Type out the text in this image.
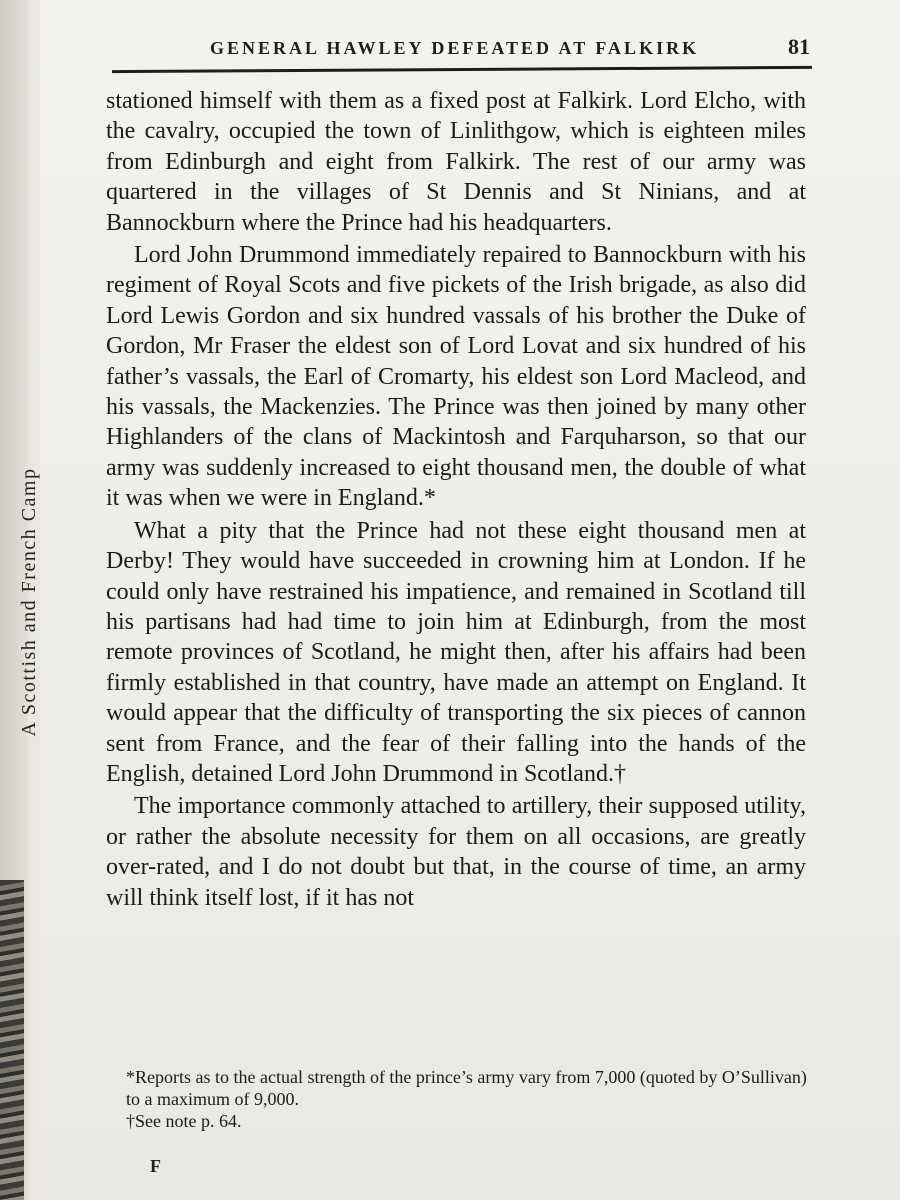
A Scottish and French Camp
GENERAL HAWLEY DEFEATED AT FALKIRK	81

stationed himself with them as a fixed post at Falkirk. Lord Elcho, with the cavalry, occupied the town of Linlithgow, which is eighteen miles from Edinburgh and eight from Falkirk. The rest of our army was quartered in the villages of St Dennis and St Ninians, and at Bannockburn where the Prince had his headquarters.

Lord John Drummond immediately repaired to Bannockburn with his regiment of Royal Scots and five pickets of the Irish brigade, as also did Lord Lewis Gordon and six hundred vassals of his brother the Duke of Gordon, Mr Fraser the eldest son of Lord Lovat and six hundred of his father’s vassals, the Earl of Cromarty, his eldest son Lord Macleod, and his vassals, the Mackenzies. The Prince was then joined by many other Highlanders of the clans of Mackintosh and Farquharson, so that our army was suddenly increased to eight thousand men, the double of what it was when we were in England.*

What a pity that the Prince had not these eight thousand men at Derby! They would have succeeded in crowning him at London. If he could only have restrained his impatience, and remained in Scotland till his partisans had had time to join him at Edinburgh, from the most remote provinces of Scotland, he might then, after his affairs had been firmly established in that country, have made an attempt on England. It would appear that the difficulty of transporting the six pieces of cannon sent from France, and the fear of their falling into the hands of the English, detained Lord John Drummond in Scotland.†

The importance commonly attached to artillery, their supposed utility, or rather the absolute necessity for them on all occasions, are greatly over-rated, and I do not doubt but that, in the course of time, an army will think itself lost, if it has not

*Reports as to the actual strength of the prince’s army vary from 7,000 (quoted by O’Sullivan) to a maximum of 9,000.

†See note p. 64.

F
